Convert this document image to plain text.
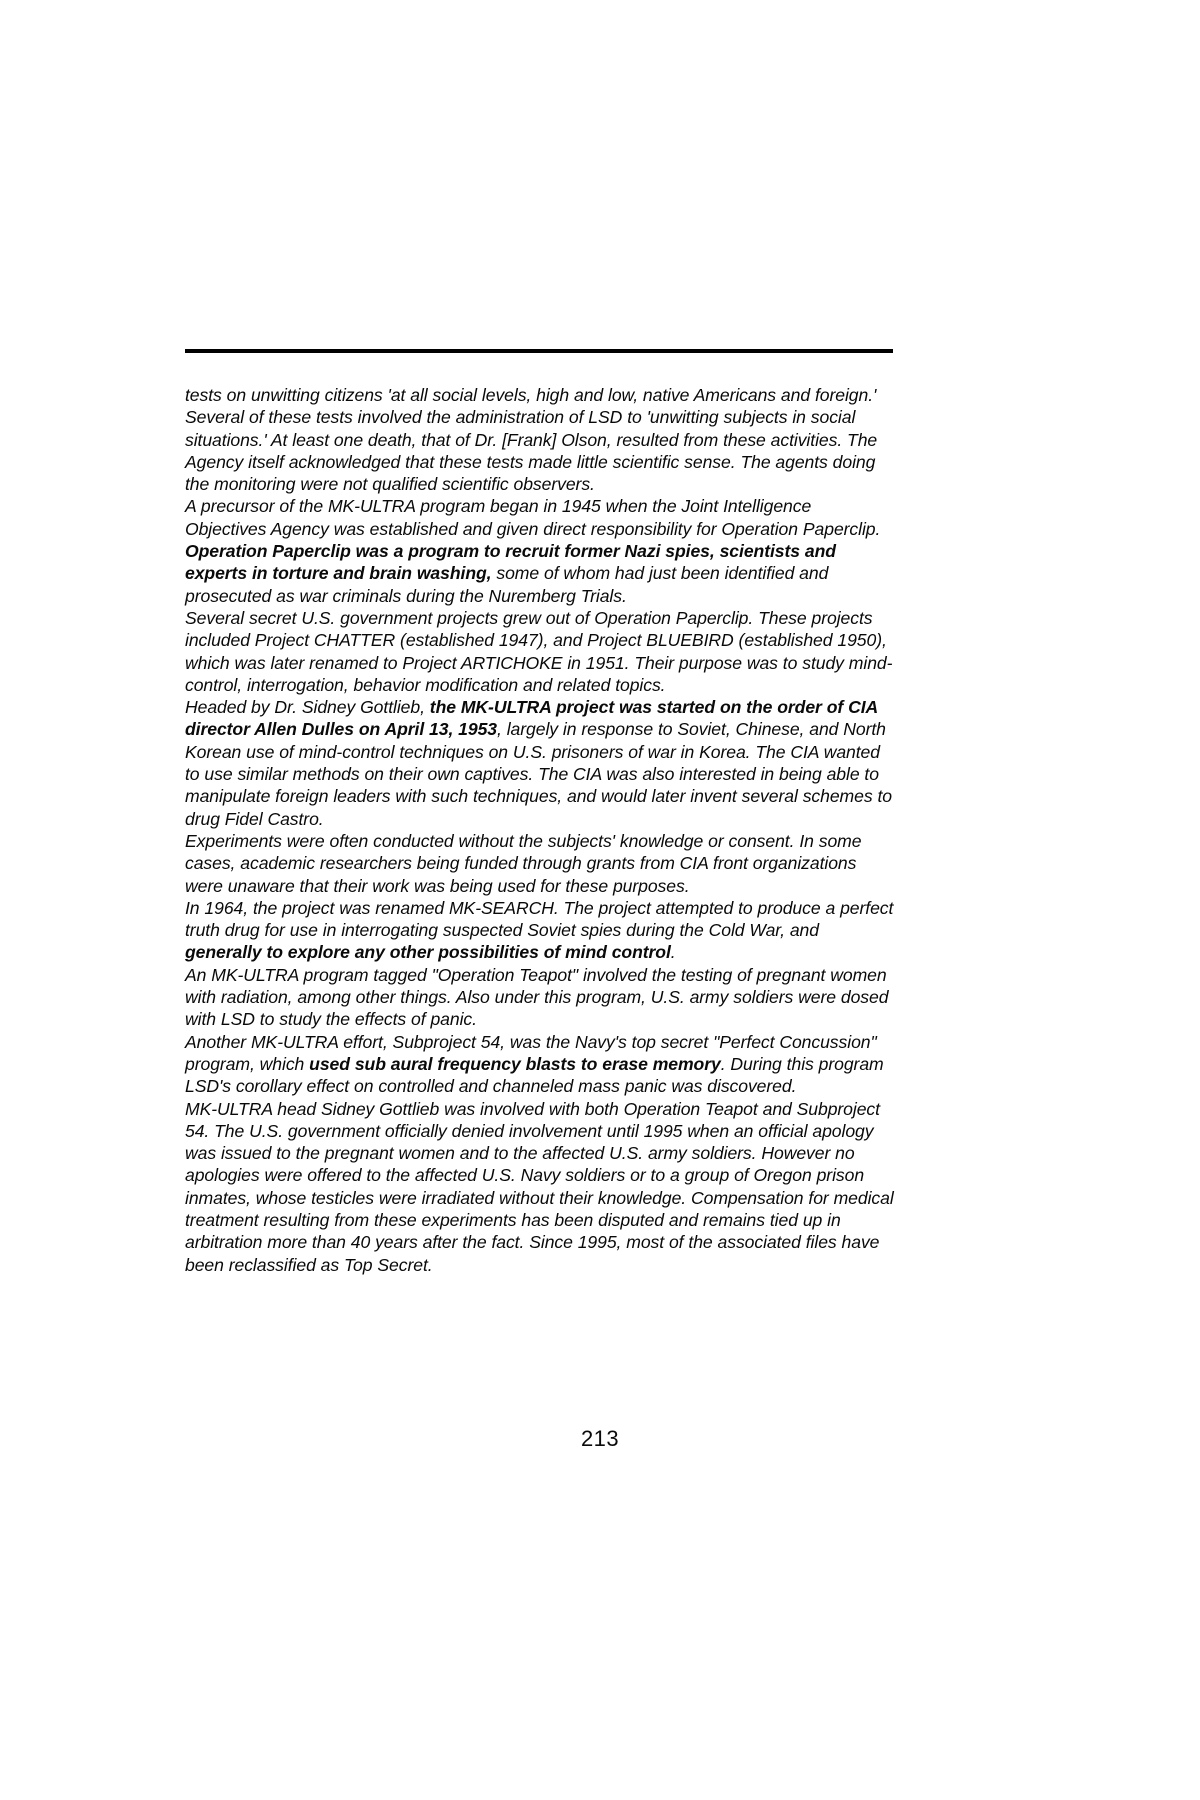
tests on unwitting citizens 'at all social levels, high and low, native Americans and foreign.' Several of these tests involved the administration of LSD to 'unwitting subjects in social situations.' At least one death, that of Dr. [Frank] Olson, resulted from these activities. The Agency itself acknowledged that these tests made little scientific sense. The agents doing the monitoring were not qualified scientific observers.

A precursor of the MK-ULTRA program began in 1945 when the Joint Intelligence Objectives Agency was established and given direct responsibility for Operation Paperclip. Operation Paperclip was a program to recruit former Nazi spies, scientists and experts in torture and brain washing, some of whom had just been identified and prosecuted as war criminals during the Nuremberg Trials.

Several secret U.S. government projects grew out of Operation Paperclip. These projects included Project CHATTER (established 1947), and Project BLUEBIRD (established 1950), which was later renamed to Project ARTICHOKE in 1951. Their purpose was to study mind-control, interrogation, behavior modification and related topics.

Headed by Dr. Sidney Gottlieb, the MK-ULTRA project was started on the order of CIA director Allen Dulles on April 13, 1953, largely in response to Soviet, Chinese, and North Korean use of mind-control techniques on U.S. prisoners of war in Korea. The CIA wanted to use similar methods on their own captives. The CIA was also interested in being able to manipulate foreign leaders with such techniques, and would later invent several schemes to drug Fidel Castro.

Experiments were often conducted without the subjects' knowledge or consent. In some cases, academic researchers being funded through grants from CIA front organizations were unaware that their work was being used for these purposes.

In 1964, the project was renamed MK-SEARCH. The project attempted to produce a perfect truth drug for use in interrogating suspected Soviet spies during the Cold War, and generally to explore any other possibilities of mind control.

An MK-ULTRA program tagged "Operation Teapot" involved the testing of pregnant women with radiation, among other things. Also under this program, U.S. army soldiers were dosed with LSD to study the effects of panic.

Another MK-ULTRA effort, Subproject 54, was the Navy's top secret "Perfect Concussion" program, which used sub aural frequency blasts to erase memory. During this program LSD's corollary effect on controlled and channeled mass panic was discovered.

MK-ULTRA head Sidney Gottlieb was involved with both Operation Teapot and Subproject 54. The U.S. government officially denied involvement until 1995 when an official apology was issued to the pregnant women and to the affected U.S. army soldiers. However no apologies were offered to the affected U.S. Navy soldiers or to a group of Oregon prison inmates, whose testicles were irradiated without their knowledge. Compensation for medical treatment resulting from these experiments has been disputed and remains tied up in arbitration more than 40 years after the fact. Since 1995, most of the associated files have been reclassified as Top Secret.

213
